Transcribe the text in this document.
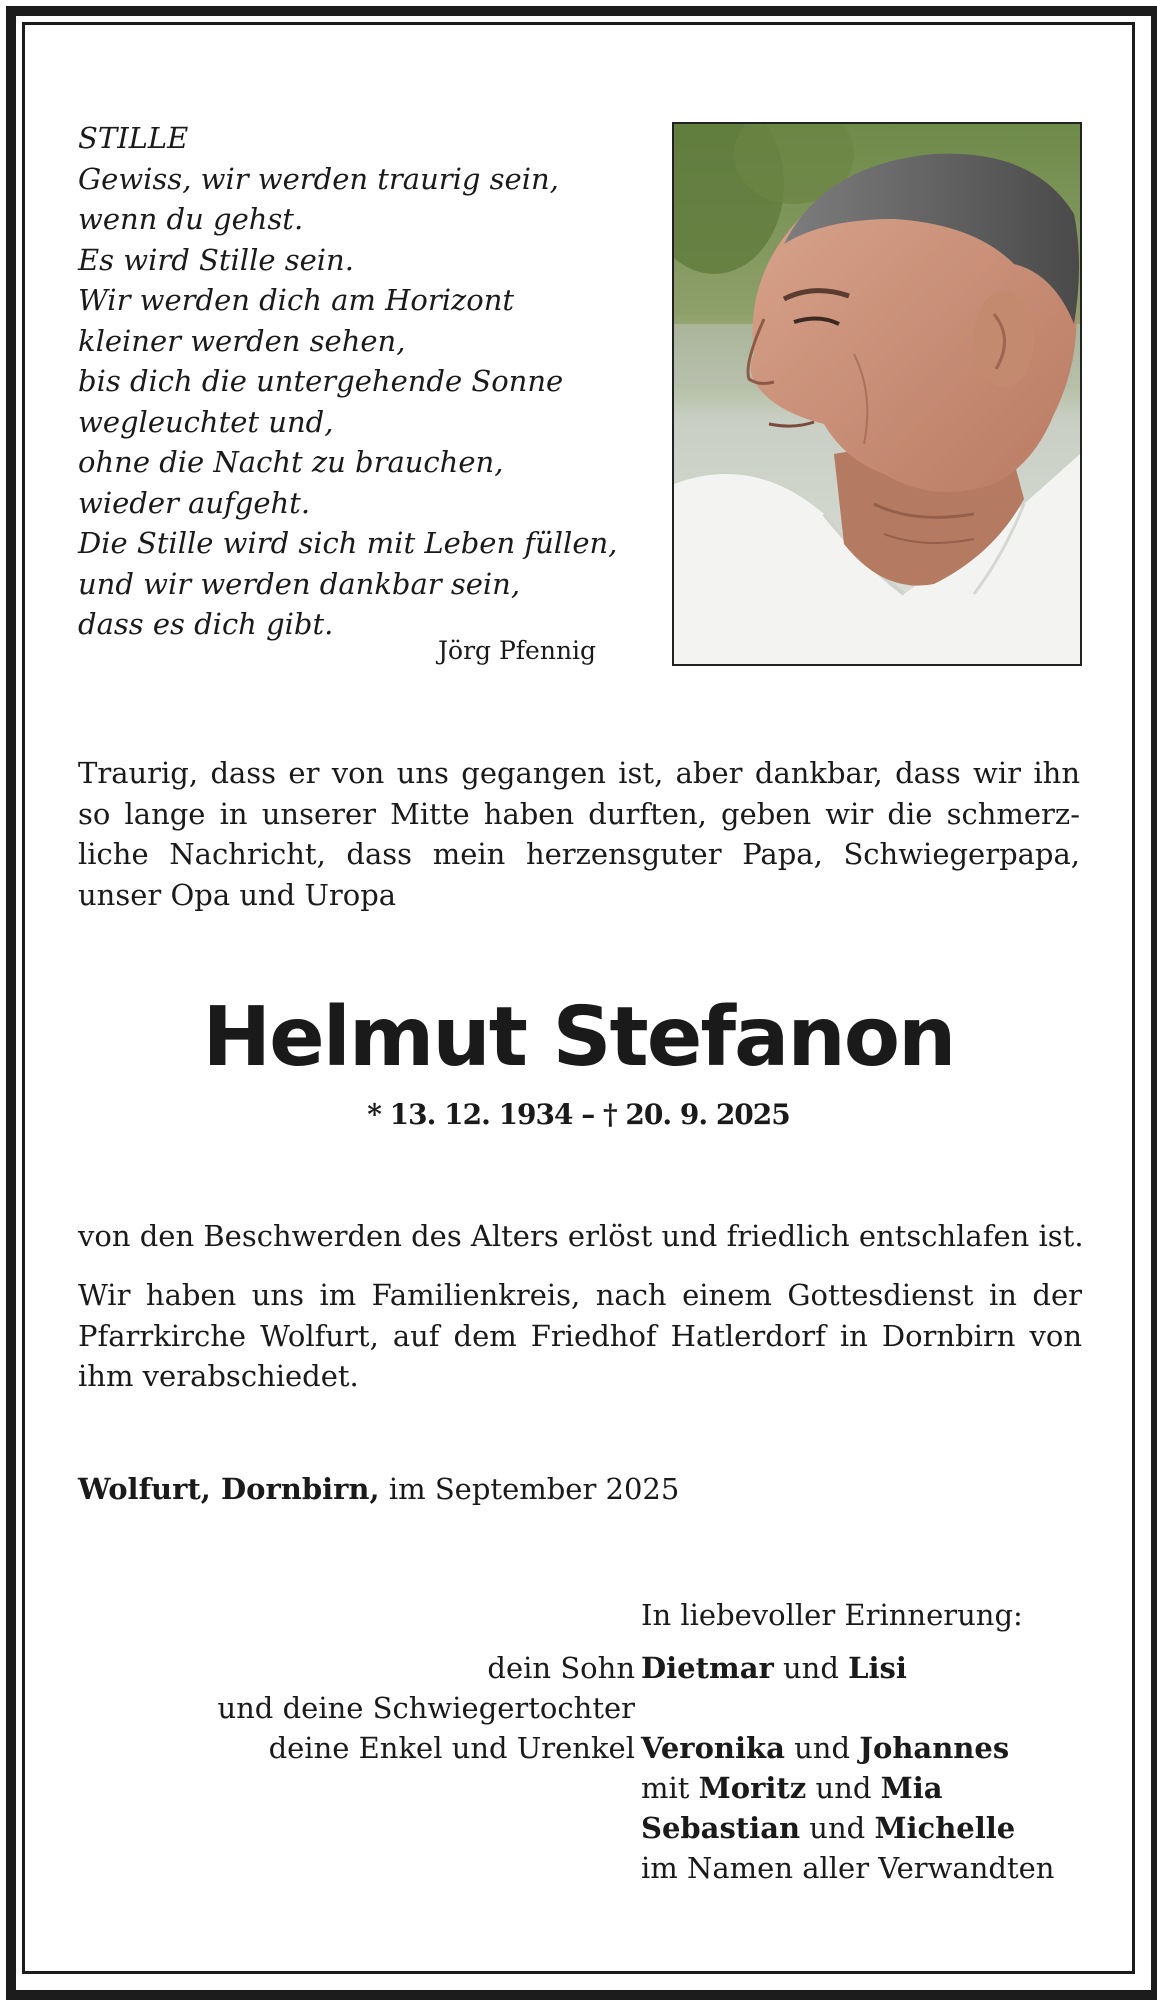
STILLE
Gewiss, wir werden traurig sein,
wenn du gehst.
Es wird Stille sein.
Wir werden dich am Horizont
kleiner werden sehen,
bis dich die untergehende Sonne
wegleuchtet und,
ohne die Nacht zu brauchen,
wieder aufgeht.
Die Stille wird sich mit Leben füllen,
und wir werden dankbar sein,
dass es dich gibt.
Jörg Pfennig
Traurig, dass er von uns gegangen ist, aber dankbar, dass wir ihn
so lange in unserer Mitte haben durften, geben wir die schmerz-
liche Nachricht, dass mein herzensguter Papa, Schwiegerpapa,
unser Opa und Uropa
Helmut Stefanon
* 13. 12. 1934 – † 20. 9. 2025
von den Beschwerden des Alters erlöst und friedlich entschlafen ist.
Wir haben uns im Familienkreis, nach einem Gottesdienst in der
Pfarrkirche Wolfurt, auf dem Friedhof Hatlerdorf in Dornbirn von
ihm verabschiedet.
Wolfurt, Dornbirn, im September 2025
In liebevoller Erinnerung:
dein Sohn Dietmar und Lisi
und deine Schwiegertochter
deine Enkel und Urenkel Veronika und Johannes
mit Moritz und Mia
Sebastian und Michelle
im Namen aller Verwandten
